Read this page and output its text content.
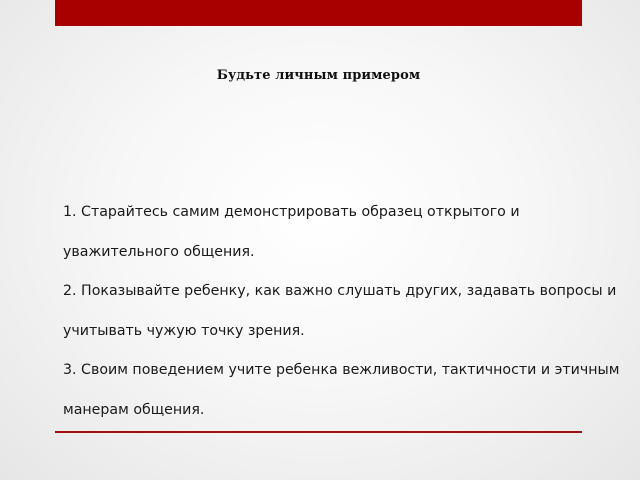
Будьте личным примером

1. Старайтесь самим демонстрировать образец открытого и уважительного общения.

2. Показывайте ребенку, как важно слушать других, задавать вопросы и учитывать чужую точку зрения.

3. Своим поведением учите ребенка вежливости, тактичности и этичным манерам общения.
